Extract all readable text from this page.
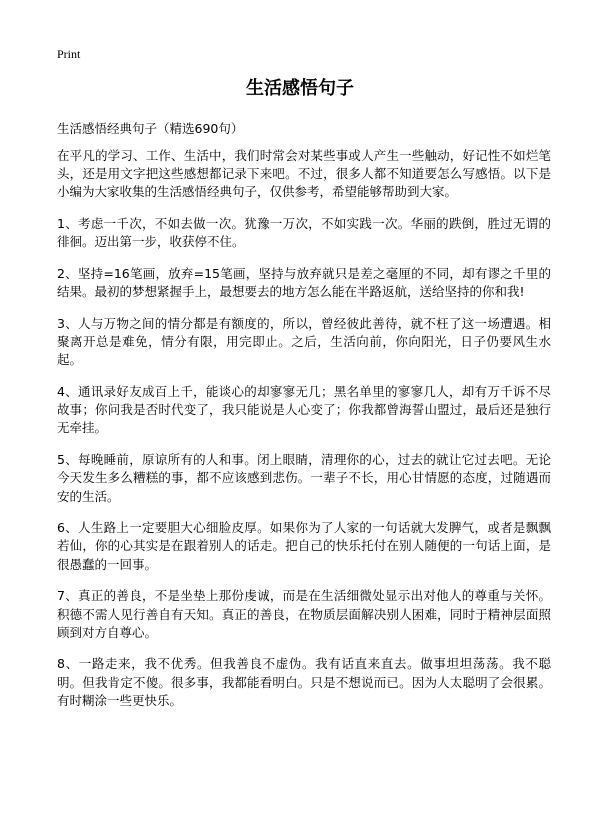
Print
生活感悟句子
生活感悟经典句子（精选690句）

在平凡的学习、工作、生活中，我们时常会对某些事或人产生一些触动，好记性不如烂笔头，还是用文字把这些感想都记录下来吧。不过，很多人都不知道要怎么写感悟。以下是小编为大家收集的生活感悟经典句子，仅供参考，希望能够帮助到大家。

1、考虑一千次，不如去做一次。犹豫一万次，不如实践一次。华丽的跌倒，胜过无谓的徘徊。迈出第一步，收获停不住。

2、坚持=16笔画，放弃=15笔画，坚持与放弃就只是差之毫厘的不同，却有谬之千里的结果。最初的梦想紧握手上，最想要去的地方怎么能在半路返航，送给坚持的你和我!

3、人与万物之间的情分都是有额度的，所以，曾经彼此善待，就不枉了这一场遭遇。相聚离开总是难免，情分有限，用完即止。之后，生活向前，你向阳光，日子仍要风生水起。

4、通讯录好友成百上千，能谈心的却寥寥无几；黑名单里的寥寥几人，却有万千诉不尽故事；你问我是否时代变了，我只能说是人心变了；你我都曾海誓山盟过，最后还是独行无牵挂。

5、每晚睡前，原谅所有的人和事。闭上眼睛，清理你的心，过去的就让它过去吧。无论今天发生多么糟糕的事，都不应该感到悲伤。一辈子不长，用心甘情愿的态度，过随遇而安的生活。

6、人生路上一定要胆大心细脸皮厚。如果你为了人家的一句话就大发脾气，或者是飘飘若仙，你的心其实是在跟着别人的话走。把自己的快乐托付在别人随便的一句话上面，是很愚蠢的一回事。

7、真正的善良，不是坐垫上那份虔诚，而是在生活细微处显示出对他人的尊重与关怀。积德不需人见行善自有天知。真正的善良，在物质层面解决别人困难，同时于精神层面照顾到对方自尊心。

8、一路走来，我不优秀。但我善良不虚伪。我有话直来直去。做事坦坦荡荡。我不聪明。但我肯定不傻。很多事，我都能看明白。只是不想说而已。因为人太聪明了会很累。有时糊涂一些更快乐。
